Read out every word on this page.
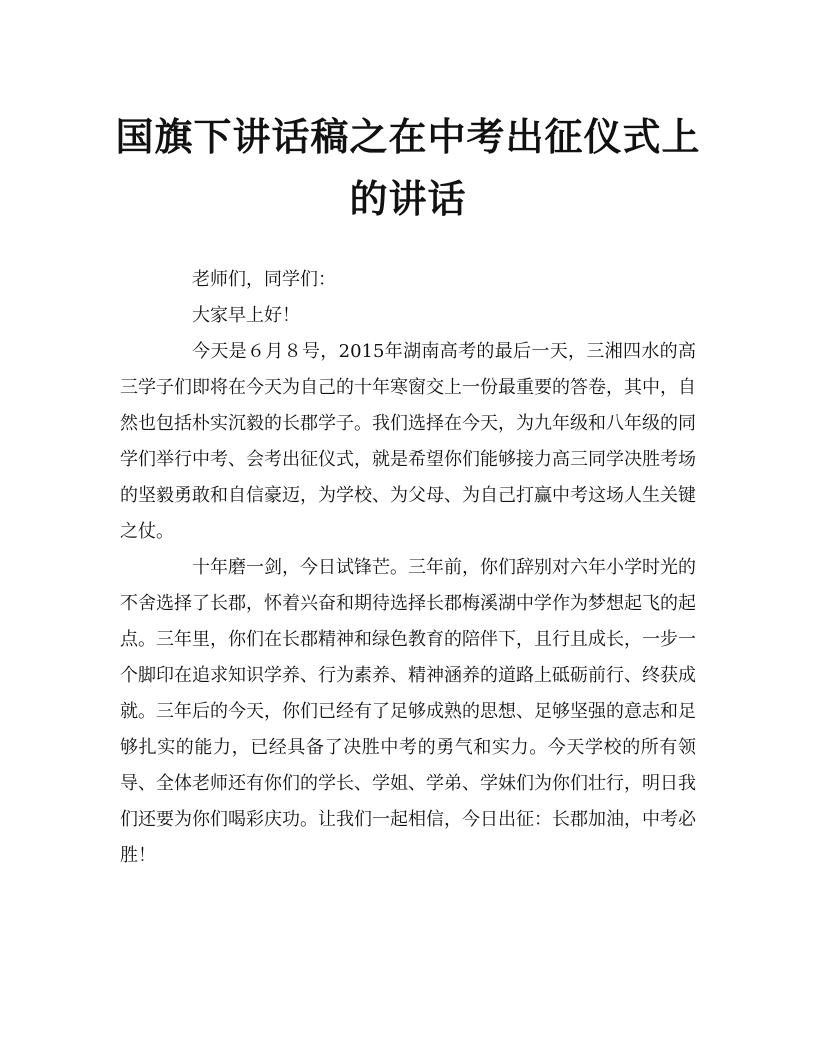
国旗下讲话稿之在中考出征仪式上的讲话

老师们，同学们：

大家早上好！

今天是６月８号，2015年湖南高考的最后一天，三湘四水的高三学子们即将在今天为自己的十年寒窗交上一份最重要的答卷，其中，自然也包括朴实沉毅的长郡学子。我们选择在今天，为九年级和八年级的同学们举行中考、会考出征仪式，就是希望你们能够接力高三同学决胜考场的坚毅勇敢和自信豪迈，为学校、为父母、为自己打赢中考这场人生关键之仗。

十年磨一剑，今日试锋芒。三年前，你们辞别对六年小学时光的不舍选择了长郡，怀着兴奋和期待选择长郡梅溪湖中学作为梦想起飞的起点。三年里，你们在长郡精神和绿色教育的陪伴下，且行且成长，一步一个脚印在追求知识学养、行为素养、精神涵养的道路上砥砺前行、终获成就。三年后的今天，你们已经有了足够成熟的思想、足够坚强的意志和足够扎实的能力，已经具备了决胜中考的勇气和实力。今天学校的所有领导、全体老师还有你们的学长、学姐、学弟、学妹们为你们壮行，明日我们还要为你们喝彩庆功。让我们一起相信，今日出征：长郡加油，中考必胜！
